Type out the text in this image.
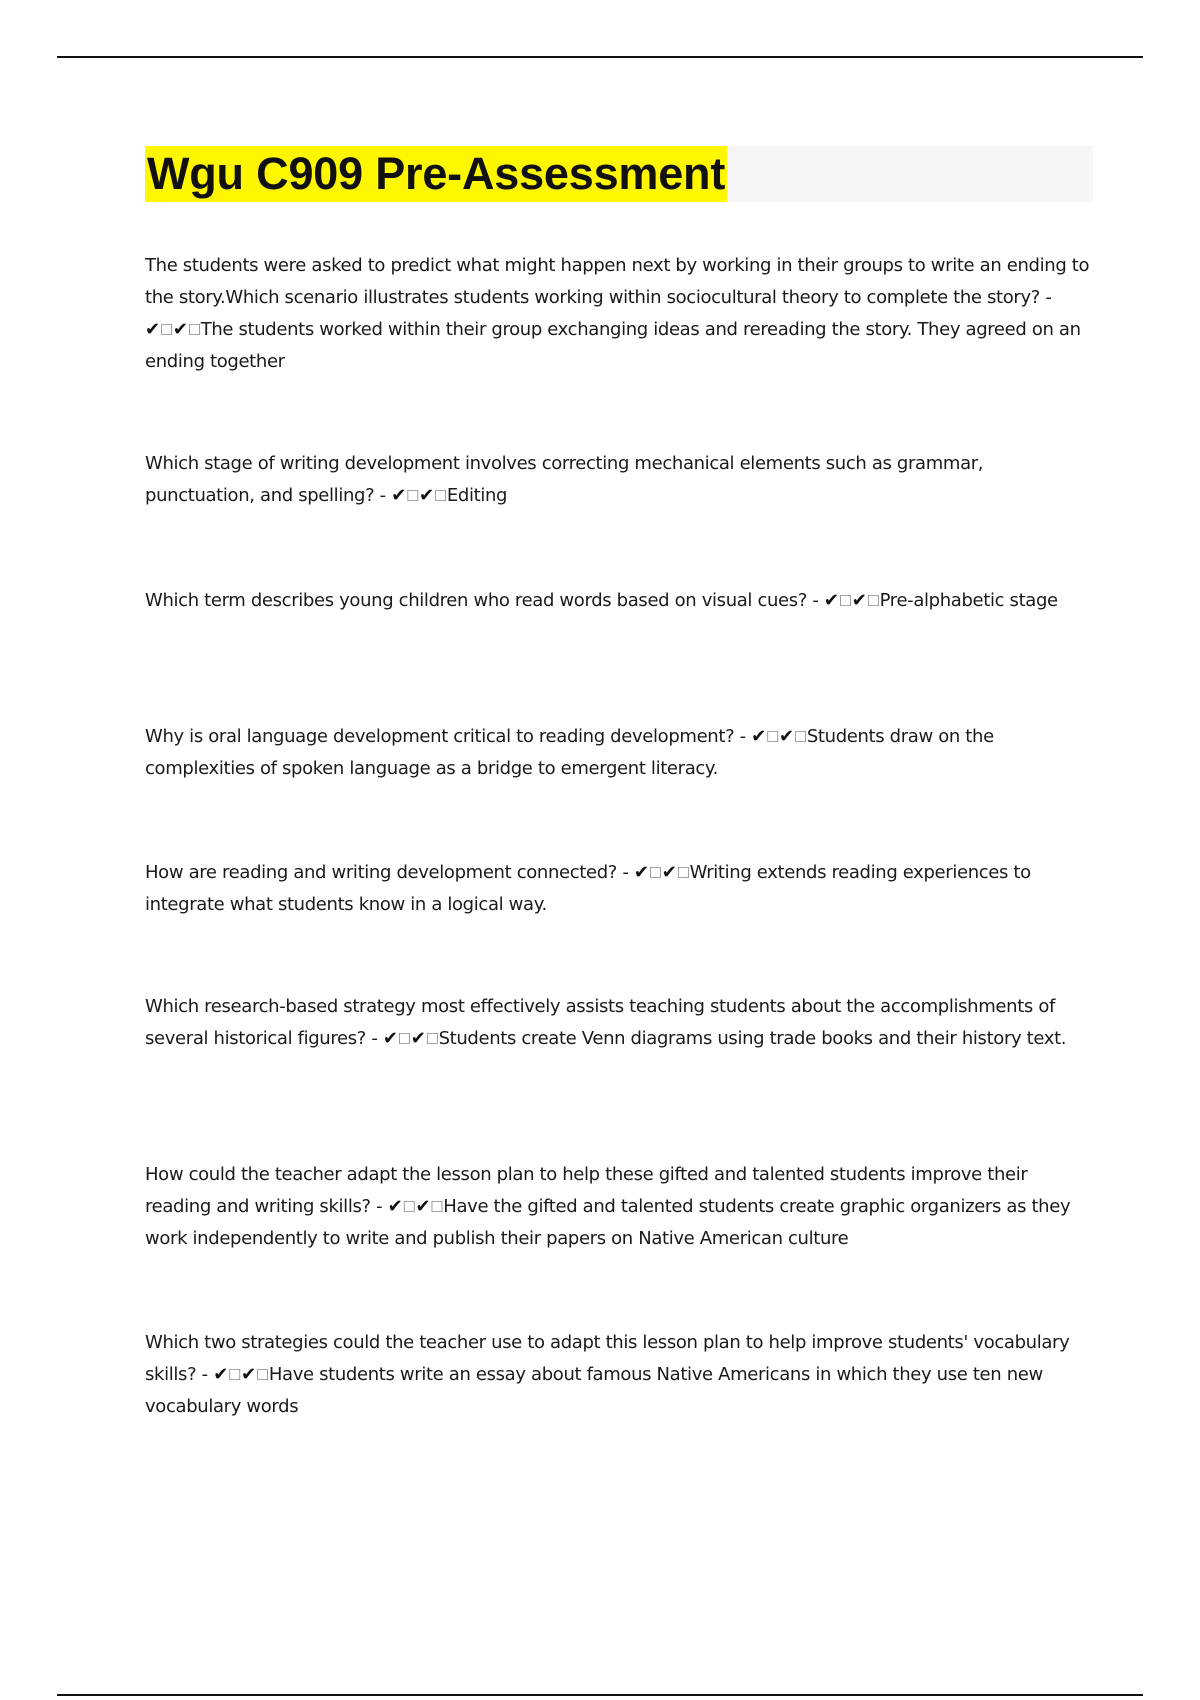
Wgu C909 Pre-Assessment
The students were asked to predict what might happen next by working in their groups to write an ending to the story.Which scenario illustrates students working within sociocultural theory to complete the story? - ✔☐✔☐The students worked within their group exchanging ideas and rereading the story. They agreed on an ending together
Which stage of writing development involves correcting mechanical elements such as grammar, punctuation, and spelling? - ✔☐✔☐Editing
Which term describes young children who read words based on visual cues? - ✔☐✔☐Pre-alphabetic stage
Why is oral language development critical to reading development? - ✔☐✔☐Students draw on the complexities of spoken language as a bridge to emergent literacy.
How are reading and writing development connected? - ✔☐✔☐Writing extends reading experiences to integrate what students know in a logical way.
Which research-based strategy most effectively assists teaching students about the accomplishments of several historical figures? - ✔☐✔☐Students create Venn diagrams using trade books and their history text.
How could the teacher adapt the lesson plan to help these gifted and talented students improve their reading and writing skills? - ✔☐✔☐Have the gifted and talented students create graphic organizers as they work independently to write and publish their papers on Native American culture
Which two strategies could the teacher use to adapt this lesson plan to help improve students' vocabulary skills? - ✔☐✔☐Have students write an essay about famous Native Americans in which they use ten new vocabulary words
